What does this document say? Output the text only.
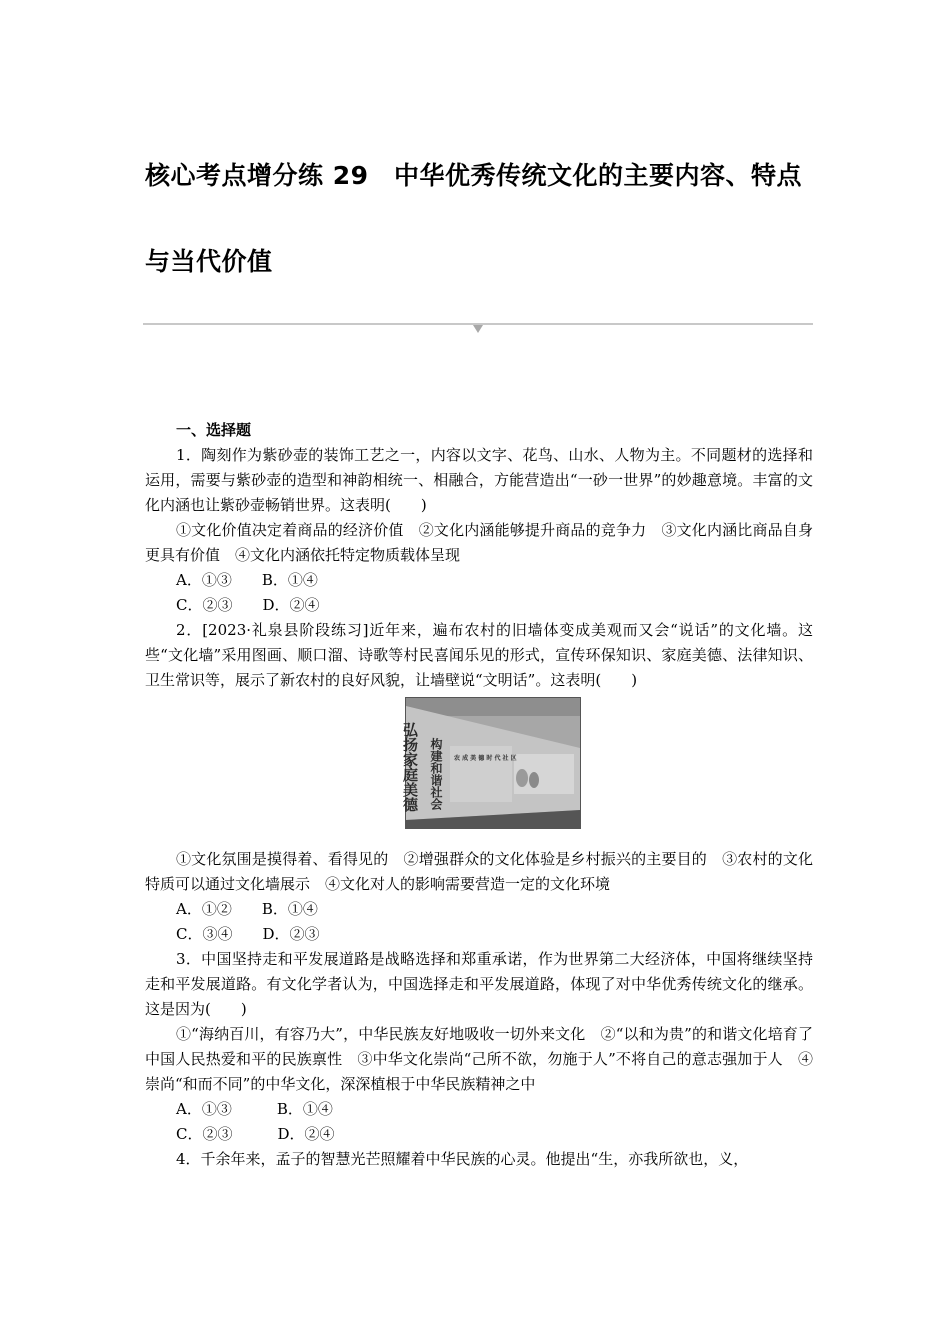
核心考点增分练 29　中华优秀传统文化的主要内容、特点
与当代价值

一、选择题

1．陶刻作为紫砂壶的装饰工艺之一，内容以文字、花鸟、山水、人物为主。不同题材的选择和运用，需要与紫砂壶的造型和神韵相统一、相融合，方能营造出“一砂一世界”的妙趣意境。丰富的文化内涵也让紫砂壶畅销世界。这表明(　　)

①文化价值决定着商品的经济价值　②文化内涵能够提升商品的竞争力　③文化内涵比商品自身更具有价值　④文化内涵依托特定物质载体呈现

A．①③　　B．①④

C．②③　　D．②④

2．[2023·礼泉县阶段练习]近年来，遍布农村的旧墙体变成美观而又会“说话”的文化墙。这些“文化墙”采用图画、顺口溜、诗歌等村民喜闻乐见的形式，宣传环保知识、家庭美德、法律知识、卫生常识等，展示了新农村的良好风貌，让墙壁说“文明话”。这表明(　　)

弘扬家庭美德 构建和谐社会 农 成 美 德 时 代 社 区

①文化氛围是摸得着、看得见的　②增强群众的文化体验是乡村振兴的主要目的　③农村的文化特质可以通过文化墙展示　④文化对人的影响需要营造一定的文化环境

A．①②　　B．①④

C．③④　　D．②③

3．中国坚持走和平发展道路是战略选择和郑重承诺，作为世界第二大经济体，中国将继续坚持走和平发展道路。有文化学者认为，中国选择走和平发展道路，体现了对中华优秀传统文化的继承。这是因为(　　)

①“海纳百川，有容乃大”，中华民族友好地吸收一切外来文化　②“以和为贵”的和谐文化培育了中国人民热爱和平的民族禀性　③中华文化崇尚“己所不欲，勿施于人”不将自己的意志强加于人　④崇尚“和而不同”的中华文化，深深植根于中华民族精神之中

A．①③　　　B．①④

C．②③　　　D．②④

4．千余年来，孟子的智慧光芒照耀着中华民族的心灵。他提出“生，亦我所欲也，义，
